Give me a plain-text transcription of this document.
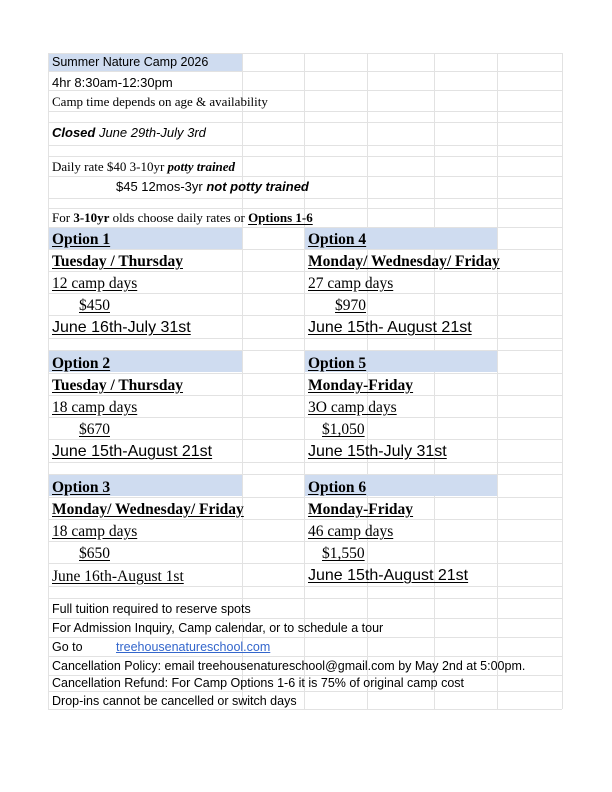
Summer Nature Camp 2026
4hr 8:30am-12:30pm
Camp time depends on age & availability
Closed June 29th-July 3rd
Daily rate $40 3-10yr potty trained
$45 12mos-3yr not potty trained
For 3-10yr olds choose daily rates or Options 1-6
Option 1
Tuesday / Thursday
12 camp days
$450
June 16th-July 31st
Option 4
Monday/ Wednesday/ Friday
27 camp days
$970
June 15th- August 21st
Option 2
Tuesday / Thursday
18 camp days
$670
June 15th-August 21st
Option 5
Monday-Friday
3O camp days
$1,050
June 15th-July 31st
Option 3
Monday/ Wednesday/ Friday
18 camp days
$650
June 16th-August 1st
Option 6
Monday-Friday
46 camp days
$1,550
June 15th-August 21st
Full tuition required to reserve spots
For Admission Inquiry, Camp calendar, or to schedule a tour
Go to	treehousenatureschool.com
Cancellation Policy: email treehousenatureschool@gmail.com by May 2nd at 5:00pm.
Cancellation Refund: For Camp Options 1-6 it is 75% of original camp cost
Drop-ins cannot be cancelled or switch days
